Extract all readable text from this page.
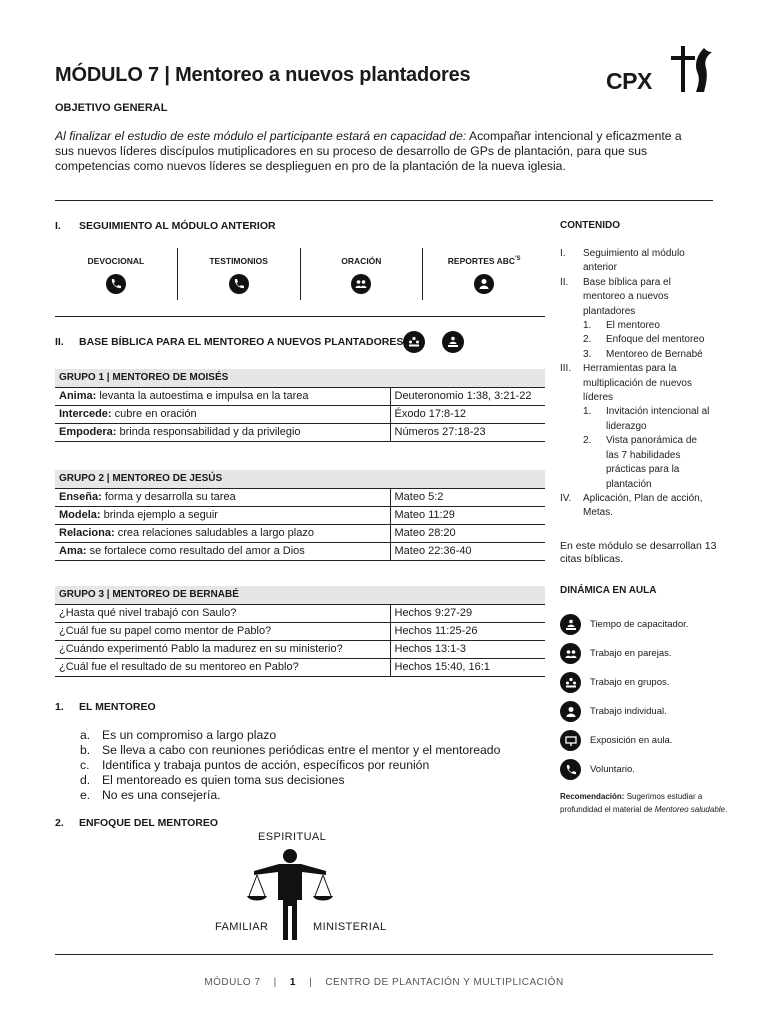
MÓDULO 7 | Mentoreo a nuevos plantadores	CPX
OBJETIVO GENERAL
Al finalizar el estudio de este módulo el participante estará en capacidad de: Acompañar intencional y eficazmente a sus nuevos líderes discípulos mutiplicadores en su proceso de desarrollo de GPs de plantación, para que sus competencias como nuevos líderes se desplieguen en pro de la plantación de la nueva iglesia.
I.	SEGUIMIENTO AL MÓDULO ANTERIOR
DEVOCIONAL	TESTIMONIOS	ORACIÓN	REPORTES $ABC^{'S}$
II.	BASE BÍBLICA PARA EL MENTOREO A NUEVOS PLANTADORES
GRUPO 1 | MENTOREO DE MOISÉS	
Anima: levanta la autoestima e impulsa en la tarea	Deuteronomio 1:38, 3:21-22
Intercede: cubre en oración	Éxodo 17:8-12
Empodera: brinda responsabilidad y da privilegio	Números 27:18-23
GRUPO 2 | MENTOREO DE JESÚS	
Enseña: forma y desarrolla su tarea	Mateo 5:2
Modela: brinda ejemplo a seguir	Mateo 11:29
Relaciona: crea relaciones saludables a largo plazo	Mateo 28:20
Ama: se fortalece como resultado del amor a Dios	Mateo 22:36-40
GRUPO 3 | MENTOREO DE BERNABÉ	
¿Hasta qué nivel trabajó con Saulo?	Hechos 9:27-29
¿Cuál fue su papel como mentor de Pablo?	Hechos 11:25-26
¿Cuándo experimentó Pablo la madurez en su ministerio?	Hechos 13:1-3
¿Cuál fue el resultado de su mentoreo en Pablo?	Hechos 15:40, 16:1
1.	EL MENTOREO
a. Es un compromiso a largo plazo
b. Se lleva a cabo con reuniones periódicas entre el mentor y el mentoreado
c.	Identifica y trabaja puntos de acción, específicos por reunión
d. El mentoreado es quien toma sus decisiones
e. No es una consejería.
2.	ENFOQUE DEL MENTOREO
ESPIRITUAL
FAMILIAR	MINISTERIAL
CONTENIDO
I.	Seguimiento al módulo anterior
II.	Base bíblica para el mentoreo a nuevos plantadores
1.	El mentoreo
2.	Enfoque del mentoreo
3.	Mentoreo de Bernabé
III.	Herramientas para la multiplicación de nuevos líderes
1.	Invitación intencional al liderazgo
2.	Vista panorámica de las 7 habilidades prácticas para la plantación
IV.	Aplicación, Plan de acción, Metas.
En este módulo se desarrollan 13 citas bíblicas.
DINÁMICA EN AULA
Tiempo de capacitador.
Trabajo en parejas.
Trabajo en grupos.
Trabajo individual.
Exposición en aula.
Voluntario.
Recomendación: Sugerimos estudiar a profundidad el material de Mentoreo saludable.
MÓDULO 7 | 1 | CENTRO DE PLANTACIÓN Y MULTIPLICACIÓN
